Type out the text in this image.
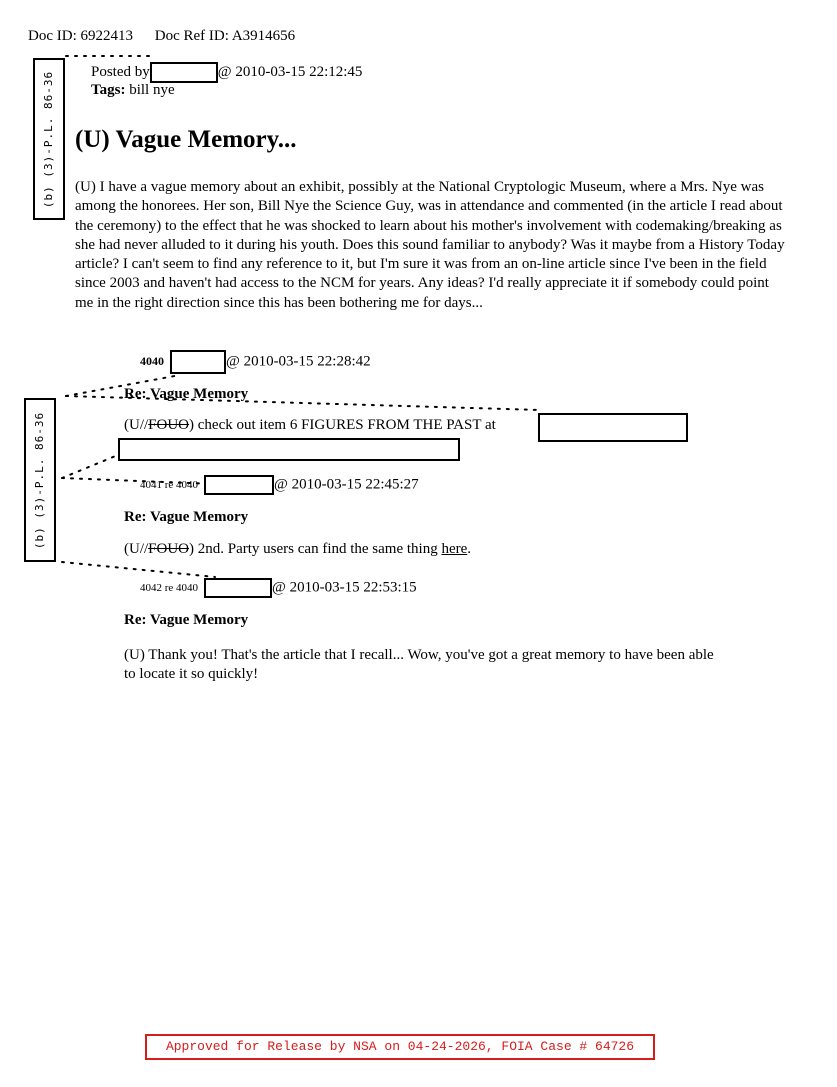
Doc ID: 6922413 Doc Ref ID: A3914656
(b) (3)-P.L. 86-36
(b) (3)-P.L. 86-36
Posted by	@ 2010-03-15 22:12:45
Tags: bill nye
(U) Vague Memory...

(U) I have a vague memory about an exhibit, possibly at the National Cryptologic Museum, where a Mrs. Nye was among the honorees. Her son, Bill Nye the Science Guy, was in attendance and commented (in the article I read about the ceremony) to the effect that he was shocked to learn about his mother's involvement with codemaking/breaking as she had never alluded to it during his youth. Does this sound familiar to anybody? Was it maybe from a History Today article? I can't seem to find any reference to it, but I'm sure it was from an on-line article since I've been in the field since 2003 and haven't had access to the NCM for years. Any ideas? I'd really appreciate it if somebody could point me in the right direction since this has been bothering me for days...

4040	@ 2010-03-15 22:28:42
Re: Vague Memory
(U//FOUO) check out item 6 FIGURES FROM THE PAST at
4041 re 4040	@ 2010-03-15 22:45:27
Re: Vague Memory
(U//FOUO) 2nd. Party users can find the same thing here.
4042 re 4040	@ 2010-03-15 22:53:15
Re: Vague Memory
(U) Thank you! That's the article that I recall... Wow, you've got a great memory to have been able to locate it so quickly!
Approved for Release by NSA on 04-24-2026, FOIA Case # 64726
